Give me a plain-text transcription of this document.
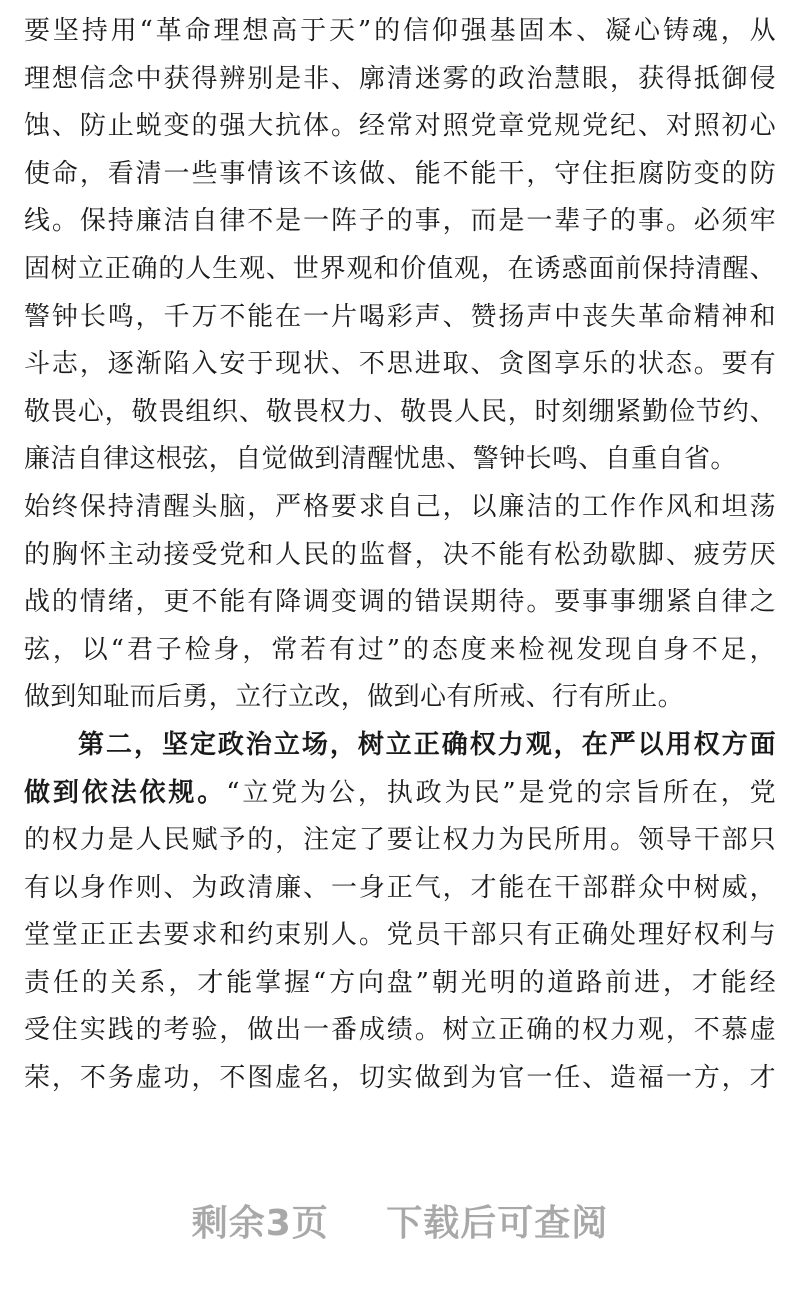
要坚持用“革命理想高于天”的信仰强基固本、凝心铸魂，从
理想信念中获得辨别是非、廓清迷雾的政治慧眼，获得抵御侵
蚀、防止蜕变的强大抗体。经常对照党章党规党纪、对照初心
使命，看清一些事情该不该做、能不能干，守住拒腐防变的防
线。保持廉洁自律不是一阵子的事，而是一辈子的事。必须牢
固树立正确的人生观、世界观和价值观，在诱惑面前保持清醒、
警钟长鸣，千万不能在一片喝彩声、赞扬声中丧失革命精神和
斗志，逐渐陷入安于现状、不思进取、贪图享乐的状态。要有
敬畏心，敬畏组织、敬畏权力、敬畏人民，时刻绷紧勤俭节约、
廉洁自律这根弦，自觉做到清醒忧患、警钟长鸣、自重自省。
始终保持清醒头脑，严格要求自己，以廉洁的工作作风和坦荡
的胸怀主动接受党和人民的监督，决不能有松劲歇脚、疲劳厌
战的情绪，更不能有降调变调的错误期待。要事事绷紧自律之
弦，以“君子检身，常若有过”的态度来检视发现自身不足，
做到知耻而后勇，立行立改，做到心有所戒、行有所止。
第二，坚定政治立场，树立正确权力观，在严以用权方面
做到依法依规。“立党为公，执政为民”是党的宗旨所在，党
的权力是人民赋予的，注定了要让权力为民所用。领导干部只
有以身作则、为政清廉、一身正气，才能在干部群众中树威，
堂堂正正去要求和约束别人。党员干部只有正确处理好权利与
责任的关系，才能掌握“方向盘”朝光明的道路前进，才能经
受住实践的考验，做出一番成绩。树立正确的权力观，不慕虚
荣，不务虚功，不图虚名，切实做到为官一任、造福一方，才
剩余3页 下载后可查阅
